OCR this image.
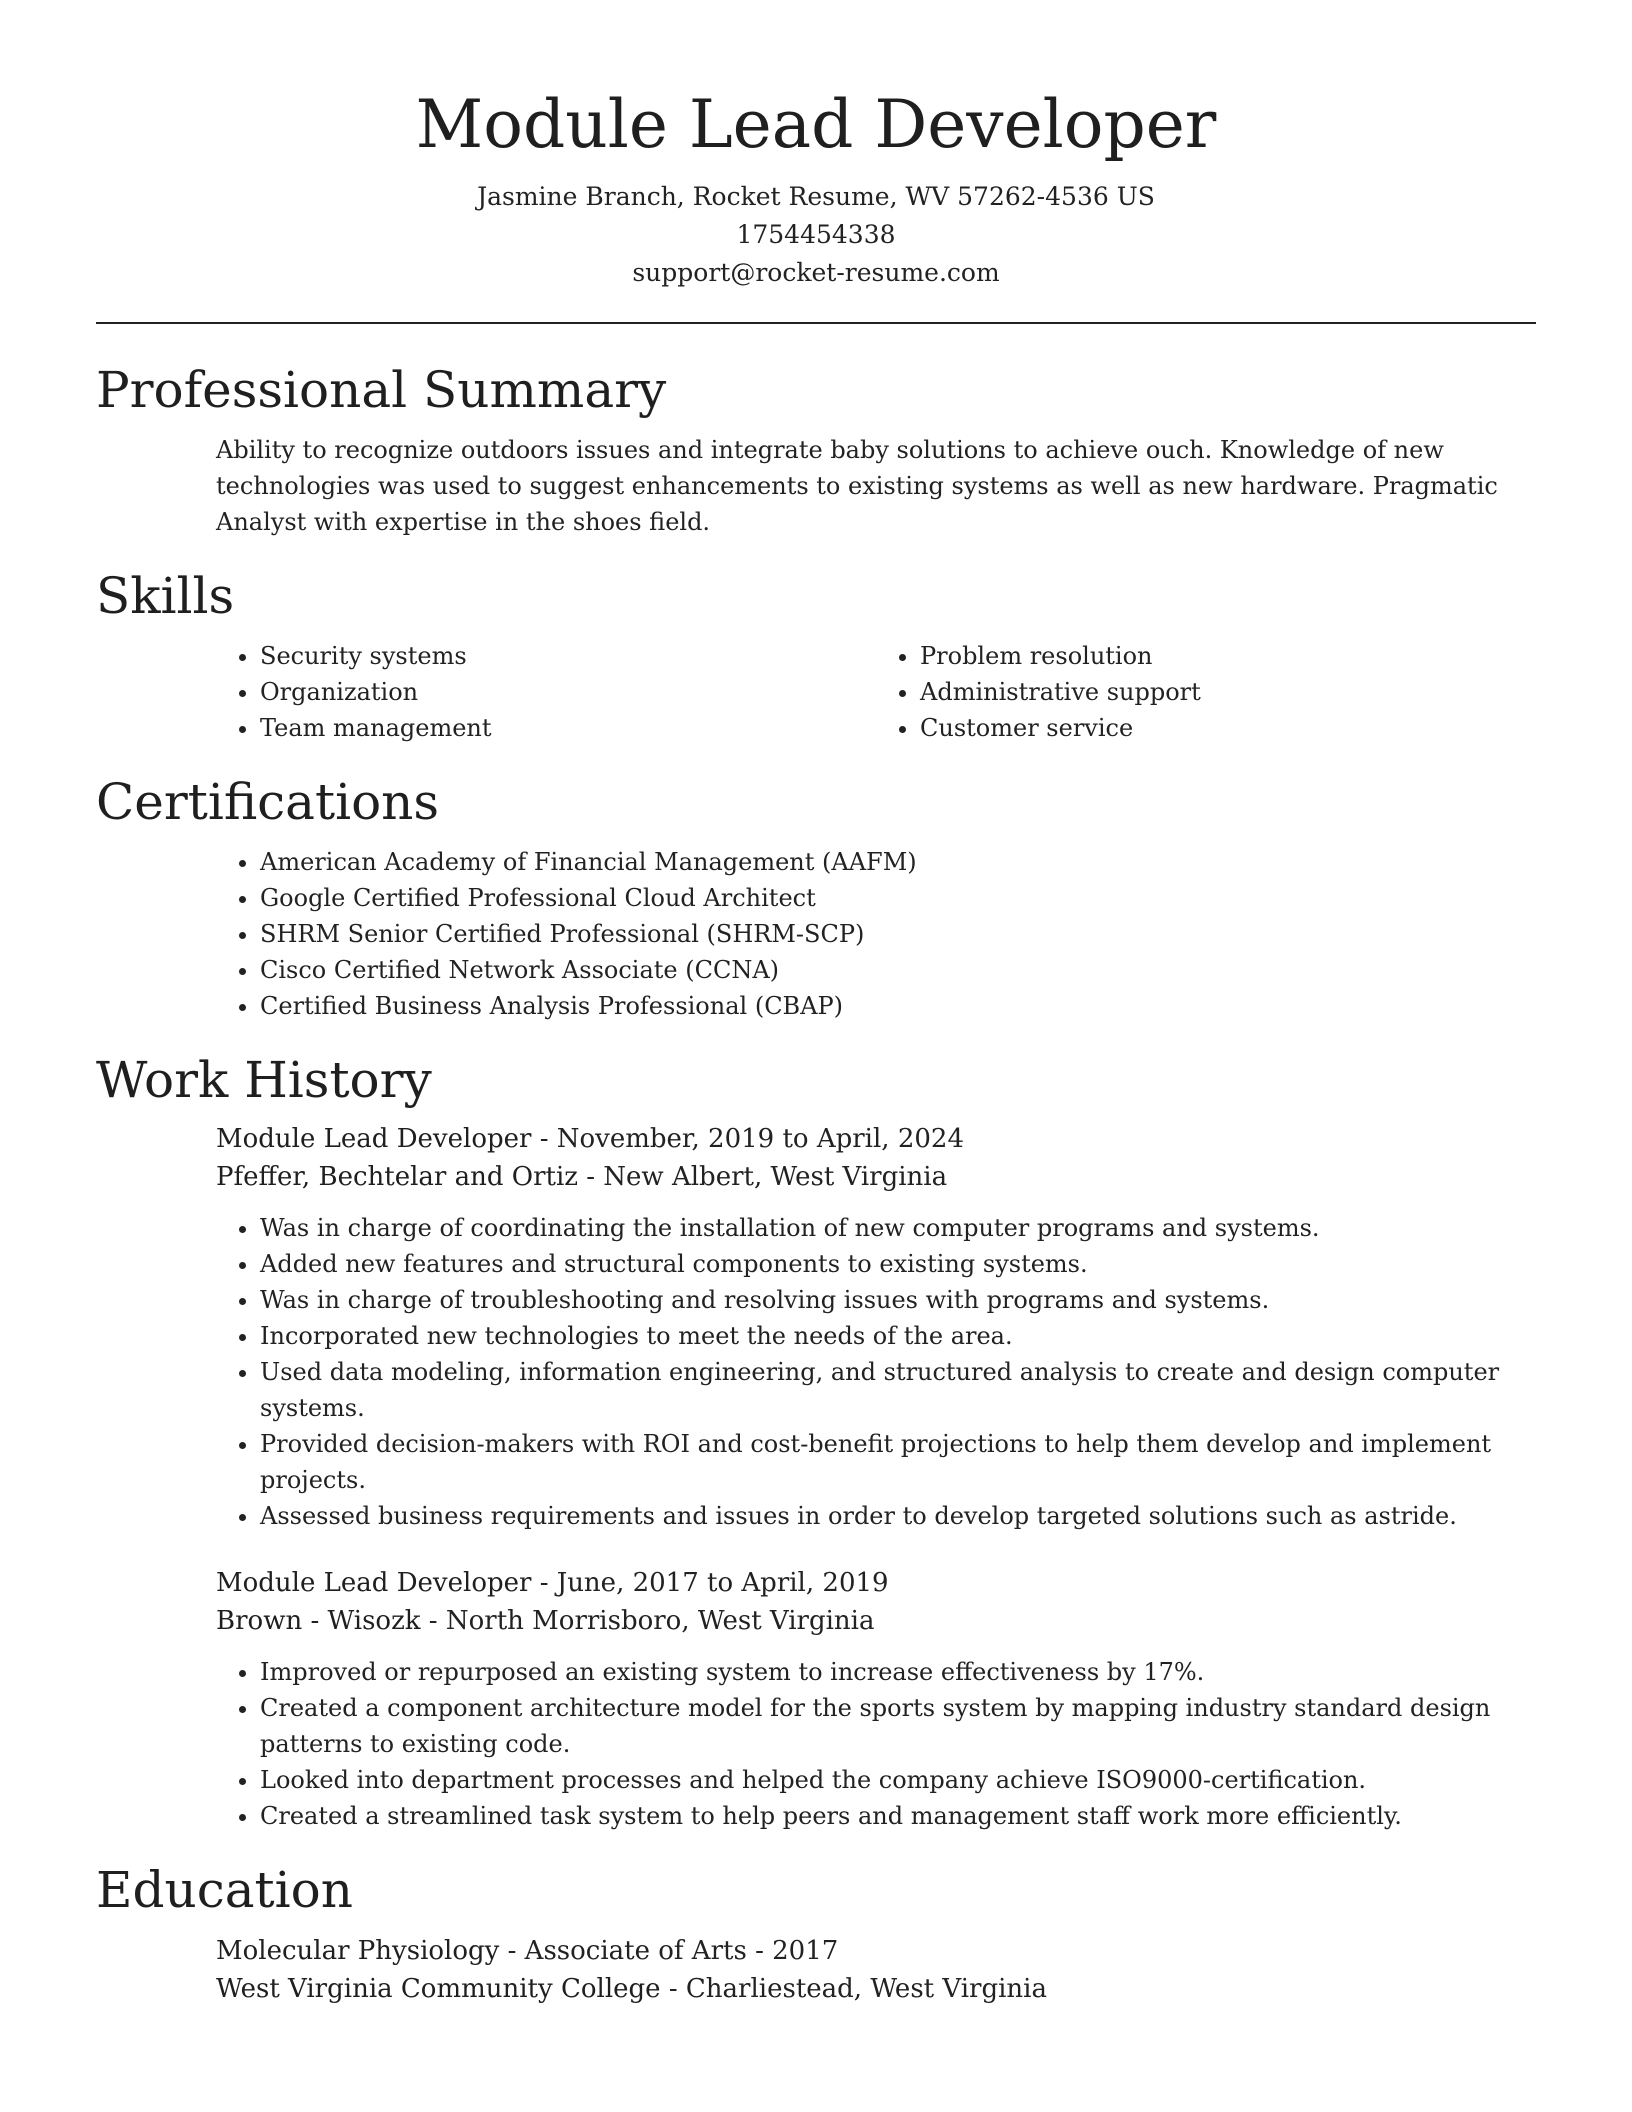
Module Lead Developer

Jasmine Branch, Rocket Resume, WV 57262-4536 US

1754454338

support@rocket-resume.com

Professional Summary

Ability to recognize outdoors issues and integrate baby solutions to achieve ouch. Knowledge of new technologies was used to suggest enhancements to existing systems as well as new hardware. Pragmatic Analyst with expertise in the shoes field.

Skills
• Security systems
• Organization
• Team management
• Problem resolution
• Administrative support
• Customer service
Certifications
• American Academy of Financial Management (AAFM)
• Google Certified Professional Cloud Architect
• SHRM Senior Certified Professional (SHRM-SCP)
• Cisco Certified Network Associate (CCNA)
• Certified Business Analysis Professional (CBAP)
Work History
Module Lead Developer - November, 2019 to April, 2024
Pfeffer, Bechtelar and Ortiz - New Albert, West Virginia
• Was in charge of coordinating the installation of new computer programs and systems.
• Added new features and structural components to existing systems.
• Was in charge of troubleshooting and resolving issues with programs and systems.
• Incorporated new technologies to meet the needs of the area.
• Used data modeling, information engineering, and structured analysis to create and design computer systems.
• Provided decision-makers with ROI and cost-benefit projections to help them develop and implement projects.
• Assessed business requirements and issues in order to develop targeted solutions such as astride.
Module Lead Developer - June, 2017 to April, 2019
Brown - Wisozk - North Morrisboro, West Virginia
• Improved or repurposed an existing system to increase effectiveness by 17%.
• Created a component architecture model for the sports system by mapping industry standard design patterns to existing code.
• Looked into department processes and helped the company achieve ISO9000-certification.
• Created a streamlined task system to help peers and management staff work more efficiently.
Education
Molecular Physiology - Associate of Arts - 2017
West Virginia Community College - Charliestead, West Virginia
